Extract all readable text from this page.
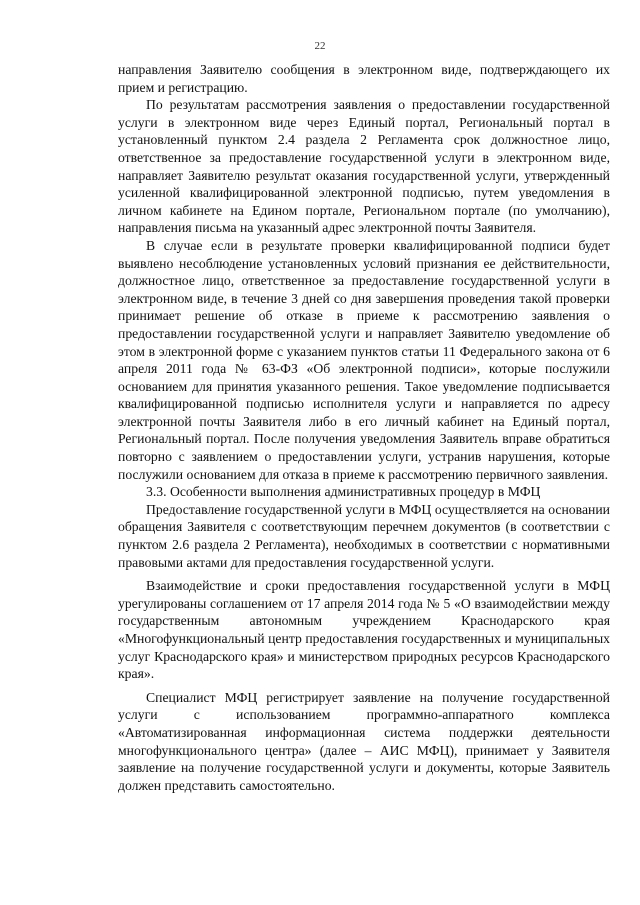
22

направления Заявителю сообщения в электронном виде, подтверждающего их прием и регистрацию.

По результатам рассмотрения заявления о предоставлении государственной услуги в электронном виде через Единый портал, Региональный портал в установленный пунктом 2.4 раздела 2 Регламента срок должностное лицо, ответственное за предоставление государственной услуги в электронном виде, направляет Заявителю результат оказания государственной услуги, утвержденный усиленной квалифицированной электронной подписью, путем уведомления в личном кабинете на Едином портале, Региональном портале (по умолчанию), направления письма на указанный адрес электронной почты Заявителя.

В случае если в результате проверки квалифицированной подписи будет выявлено несоблюдение установленных условий признания ее действительности, должностное лицо, ответственное за предоставление государственной услуги в электронном виде, в течение 3 дней со дня завершения проведения такой проверки принимает решение об отказе в приеме к рассмотрению заявления о предоставлении государственной услуги и направляет Заявителю уведомление об этом в электронной форме с указанием пунктов статьи 11 Федерального закона от 6 апреля 2011 года № 63-ФЗ «Об электронной подписи», которые послужили основанием для принятия указанного решения. Такое уведомление подписывается квалифицированной подписью исполнителя услуги и направляется по адресу электронной почты Заявителя либо в его личный кабинет на Единый портал, Региональный портал. После получения уведомления Заявитель вправе обратиться повторно с заявлением о предоставлении услуги, устранив нарушения, которые послужили основанием для отказа в приеме к рассмотрению первичного заявления.

3.3. Особенности выполнения административных процедур в МФЦ

Предоставление государственной услуги в МФЦ осуществляется на основании обращения Заявителя с соответствующим перечнем документов (в соответствии с пунктом 2.6 раздела 2 Регламента), необходимых в соответствии с нормативными правовыми актами для предоставления государственной услуги.

Взаимодействие и сроки предоставления государственной услуги в МФЦ урегулированы соглашением от 17 апреля 2014 года № 5 «О взаимодействии между государственным автономным учреждением Краснодарского края «Многофункциональный центр предоставления государственных и муниципальных услуг Краснодарского края» и министерством природных ресурсов Краснодарского края».

Специалист МФЦ регистрирует заявление на получение государственной услуги с использованием программно-аппаратного комплекса «Автоматизированная информационная система поддержки деятельности многофункционального центра» (далее – АИС МФЦ), принимает у Заявителя заявление на получение государственной услуги и документы, которые Заявитель должен представить самостоятельно.
